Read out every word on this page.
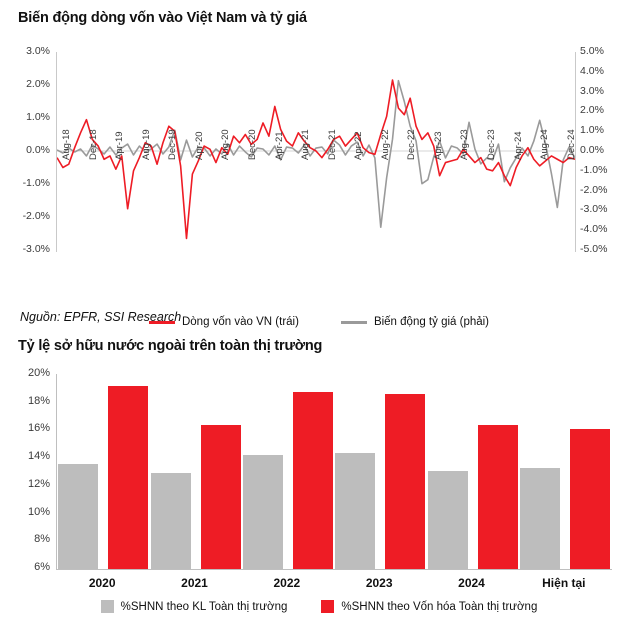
Biến động dòng vốn vào Việt Nam và tỷ giá
3.0%
2.0%
1.0%
0.0%
-1.0%
-2.0%
-3.0%
5.0%
4.0%
3.0%
2.0%
1.0%
0.0%
-1.0%
-2.0%
-3.0%
-4.0%
-5.0%
Aug-18 Dec-18 Apr-19 Aug-19 Dec-19 Apr-20 Aug-20 Dec-20 Apr-21 Aug-21 Dec-21 Apr-22 Aug-22 Dec-22 Apr-23 Aug-23 Dec-23 Apr-24 Aug-24 Dec-24
Dòng vốn vào VN (trái)	Biến động tỷ giá (phải)
Nguồn: EPFR, SSI Research
Tỷ lệ sở hữu nước ngoài trên toàn thị trường
20%
18%
16%
14%
12%
10%
8%
6%
2020	2021	2022	2023	2024	Hiện tại
%SHNN theo KL Toàn thị trường	%SHNN theo Vốn hóa Toàn thị trường
